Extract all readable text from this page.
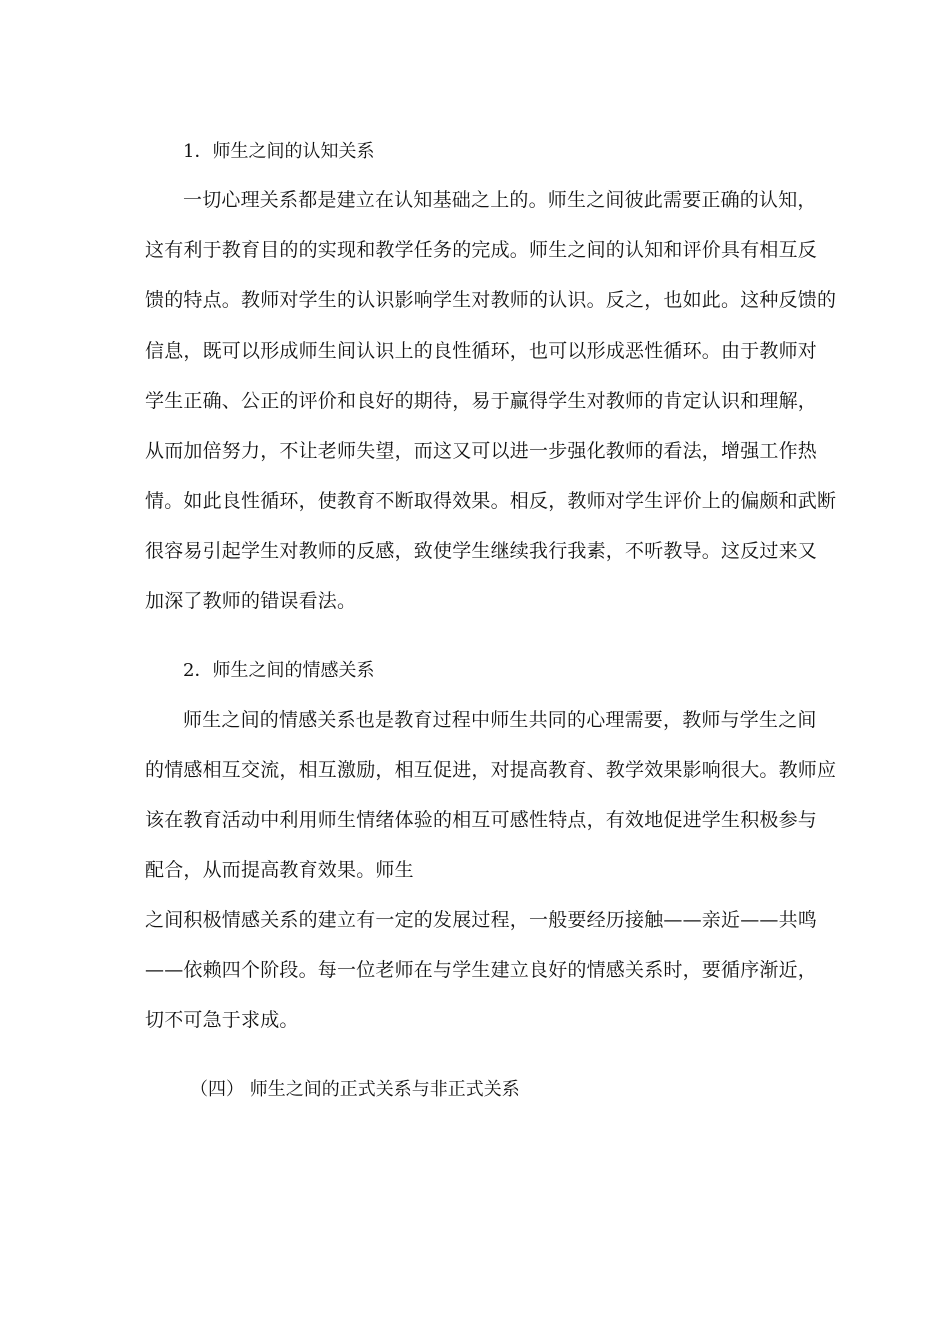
1．师生之间的认知关系
一切心理关系都是建立在认知基础之上的。师生之间彼此需要正确的认知，
这有利于教育目的的实现和教学任务的完成。师生之间的认知和评价具有相互反
馈的特点。教师对学生的认识影响学生对教师的认识。反之，也如此。这种反馈的
信息，既可以形成师生间认识上的良性循环，也可以形成恶性循环。由于教师对
学生正确、公正的评价和良好的期待，易于赢得学生对教师的肯定认识和理解，
从而加倍努力，不让老师失望，而这又可以进一步强化教师的看法，增强工作热
情。如此良性循环，使教育不断取得效果。相反，教师对学生评价上的偏颇和武断
很容易引起学生对教师的反感，致使学生继续我行我素，不听教导。这反过来又
加深了教师的错误看法。
2．师生之间的情感关系
师生之间的情感关系也是教育过程中师生共同的心理需要，教师与学生之间
的情感相互交流，相互激励，相互促进，对提高教育、教学效果影响很大。教师应
该在教育活动中利用师生情绪体验的相互可感性特点，有效地促进学生积极参与
配合，从而提高教育效果。师生
之间积极情感关系的建立有一定的发展过程，一般要经历接触——亲近——共鸣
——依赖四个阶段。每一位老师在与学生建立良好的情感关系时，要循序渐近，
切不可急于求成。
（四） 师生之间的正式关系与非正式关系
